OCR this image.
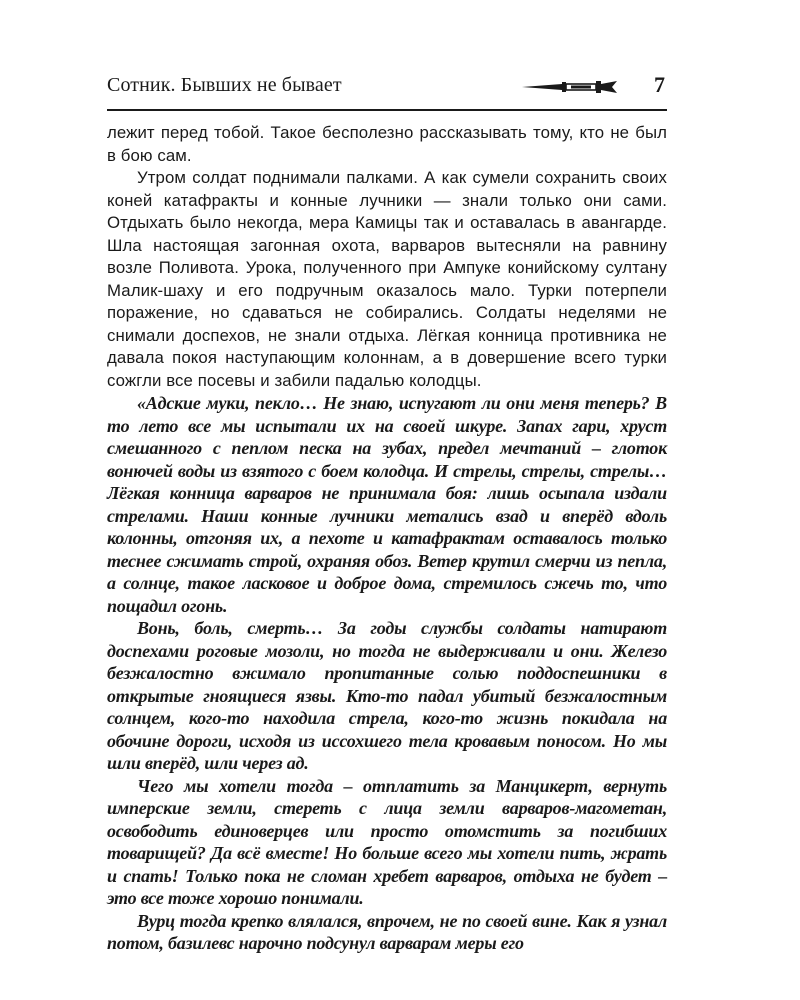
Сотник. Бывших не бывает	7

лежит перед тобой. Такое бесполезно рассказывать тому, кто не был в бою сам.

Утром солдат поднимали палками. А как сумели сохранить своих коней катафракты и конные лучники — знали только они сами. Отдыхать было некогда, мера Камицы так и оставалась в авангарде. Шла настоящая загонная охота, варваров вытесняли на равнину возле Поливота. Урока, полученного при Ампуке конийскому султану Малик-шаху и его подручным оказалось мало. Турки потерпели поражение, но сдаваться не собирались. Солдаты неделями не снимали доспехов, не знали отдыха. Лёгкая конница противника не давала покоя наступающим колоннам, а в довершение всего турки сожгли все посевы и забили падалью колодцы.

«Адские муки, пекло… Не знаю, испугают ли они меня теперь? В то лето все мы испытали их на своей шкуре. Запах гари, хруст смешанного с пеплом песка на зубах, предел мечтаний – глоток вонючей воды из взятого с боем колодца. И стрелы, стрелы, стрелы… Лёгкая конница варваров не принимала боя: лишь осыпала издали стрелами. Наши конные лучники метались взад и вперёд вдоль колонны, отгоняя их, а пехоте и катафрактам оставалось только теснее сжимать строй, охраняя обоз. Ветер крутил смерчи из пепла, а солнце, такое ласковое и доброе дома, стремилось сжечь то, что пощадил огонь.

Вонь, боль, смерть… За годы службы солдаты натирают доспехами роговые мозоли, но тогда не выдерживали и они. Железо безжалостно вжимало пропитанные солью поддоспешники в открытые гноящиеся язвы. Кто-то падал убитый безжалостным солнцем, кого-то находила стрела, кого-то жизнь покидала на обочине дороги, исходя из иссохшего тела кровавым поносом. Но мы шли вперёд, шли через ад.

Чего мы хотели тогда – отплатить за Манцикерт, вернуть имперские земли, стереть с лица земли варваров-магометан, освободить единоверцев или просто отомстить за погибших товарищей? Да всё вместе! Но больше всего мы хотели пить, жрать и спать! Только пока не сломан хребет варваров, отдыха не будет – это все тоже хорошо понимали.

Вурц тогда крепко влялался, впрочем, не по своей вине. Как я узнал потом, базилевс нарочно подсунул варварам меры его
